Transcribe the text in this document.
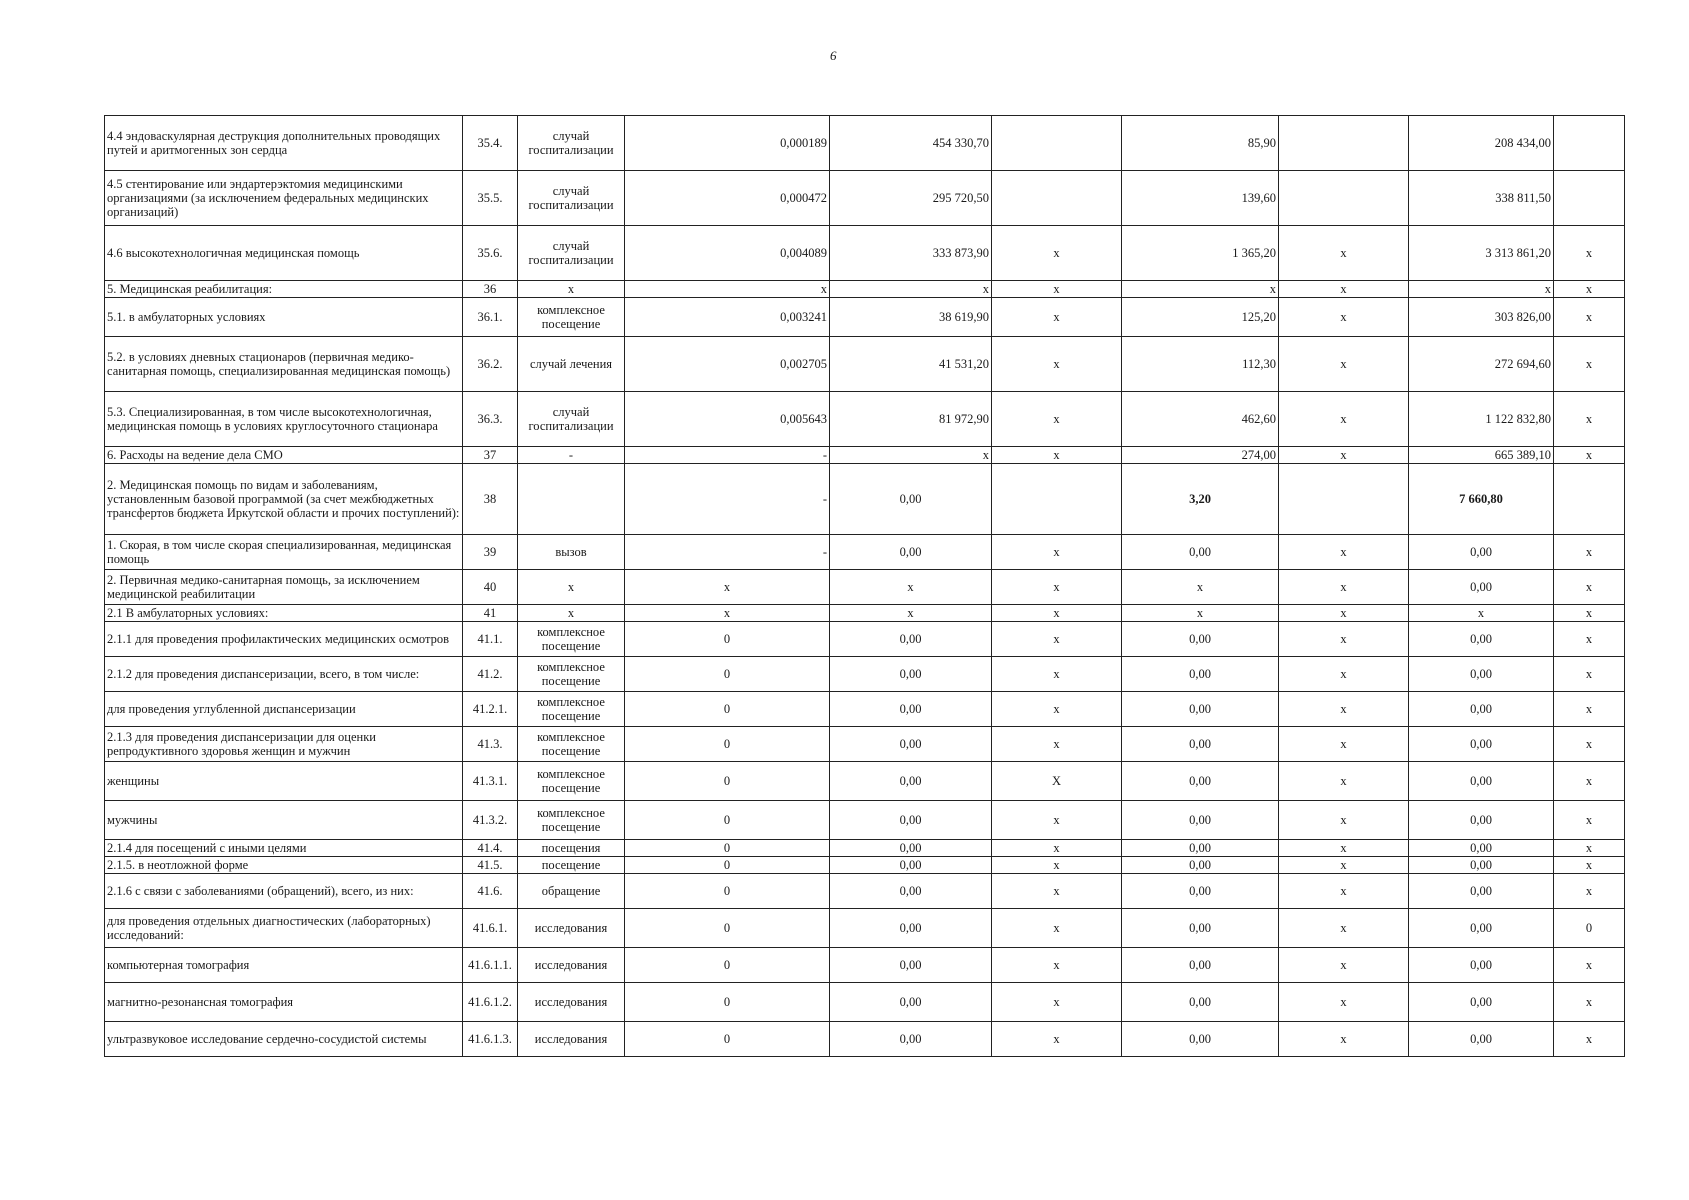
6
4.4 эндоваскулярная деструкция дополнительных проводящих путей и аритмогенных зон сердца	35.4.	случай госпитализации	0,000189	454 330,70		85,90		208 434,00	
4.5 стентирование или эндартерэктомия медицинскими организациями (за исключением федеральных медицинских организаций)	35.5.	случай госпитализации	0,000472	295 720,50		139,60		338 811,50	
4.6 высокотехнологичная медицинская помощь	35.6.	случай госпитализации	0,004089	333 873,90	х	1 365,20	х	3 313 861,20	х
5. Медицинская реабилитация:	36	х	х	х	х	х	х	х	х
5.1. в амбулаторных условиях	36.1.	комплексное посещение	0,003241	38 619,90	х	125,20	х	303 826,00	х
5.2. в условиях дневных стационаров (первичная медико-санитарная помощь, специализированная медицинская помощь)	36.2.	случай лечения	0,002705	41 531,20	х	112,30	х	272 694,60	х
5.3. Специализированная, в том числе высокотехнологичная, медицинская помощь в условиях круглосуточного стационара	36.3.	случай госпитализации	0,005643	81 972,90	х	462,60	х	1 122 832,80	х
6. Расходы на ведение дела СМО	37	-	-	х	х	274,00	х	665 389,10	х
2. Медицинская помощь по видам и заболеваниям, установленным базовой программой (за счет межбюджетных трансфертов бюджета Иркутской области и прочих поступлений):	38		-	0,00		3,20		7 660,80	
1. Скорая, в том числе скорая специализированная, медицинская помощь	39	вызов	-	0,00	х	0,00	х	0,00	х
2. Первичная медико-санитарная помощь, за исключением медицинской реабилитации	40	х	х	х	х	х	х	0,00	х
2.1 В амбулаторных условиях:	41	х	х	х	х	х	х	х	х
2.1.1 для проведения профилактических медицинских осмотров	41.1.	комплексное посещение	0	0,00	х	0,00	х	0,00	х
2.1.2 для проведения диспансеризации, всего, в том числе:	41.2.	комплексное посещение	0	0,00	х	0,00	х	0,00	х
для проведения углубленной диспансеризации	41.2.1.	комплексное посещение	0	0,00	х	0,00	х	0,00	х
2.1.3 для проведения диспансеризации для оценки репродуктивного здоровья женщин и мужчин	41.3.	комплексное посещение	0	0,00	х	0,00	х	0,00	х
женщины	41.3.1.	комплексное посещение	0	0,00	X	0,00	х	0,00	х
мужчины	41.3.2.	комплексное посещение	0	0,00	х	0,00	х	0,00	х
2.1.4 для посещений с иными целями	41.4.	посещения	0	0,00	х	0,00	х	0,00	х
2.1.5. в неотложной форме	41.5.	посещение	0	0,00	х	0,00	х	0,00	х
2.1.6 с связи с заболеваниями (обращений), всего, из них:	41.6.	обращение	0	0,00	х	0,00	х	0,00	х
для проведения отдельных диагностических (лабораторных) исследований:	41.6.1.	исследования	0	0,00	х	0,00	х	0,00	0
компьютерная томография	41.6.1.1.	исследования	0	0,00	х	0,00	х	0,00	х
магнитно-резонансная томография	41.6.1.2.	исследования	0	0,00	х	0,00	х	0,00	х
ультразвуковое исследование сердечно-сосудистой системы	41.6.1.3.	исследования	0	0,00	х	0,00	х	0,00	х
